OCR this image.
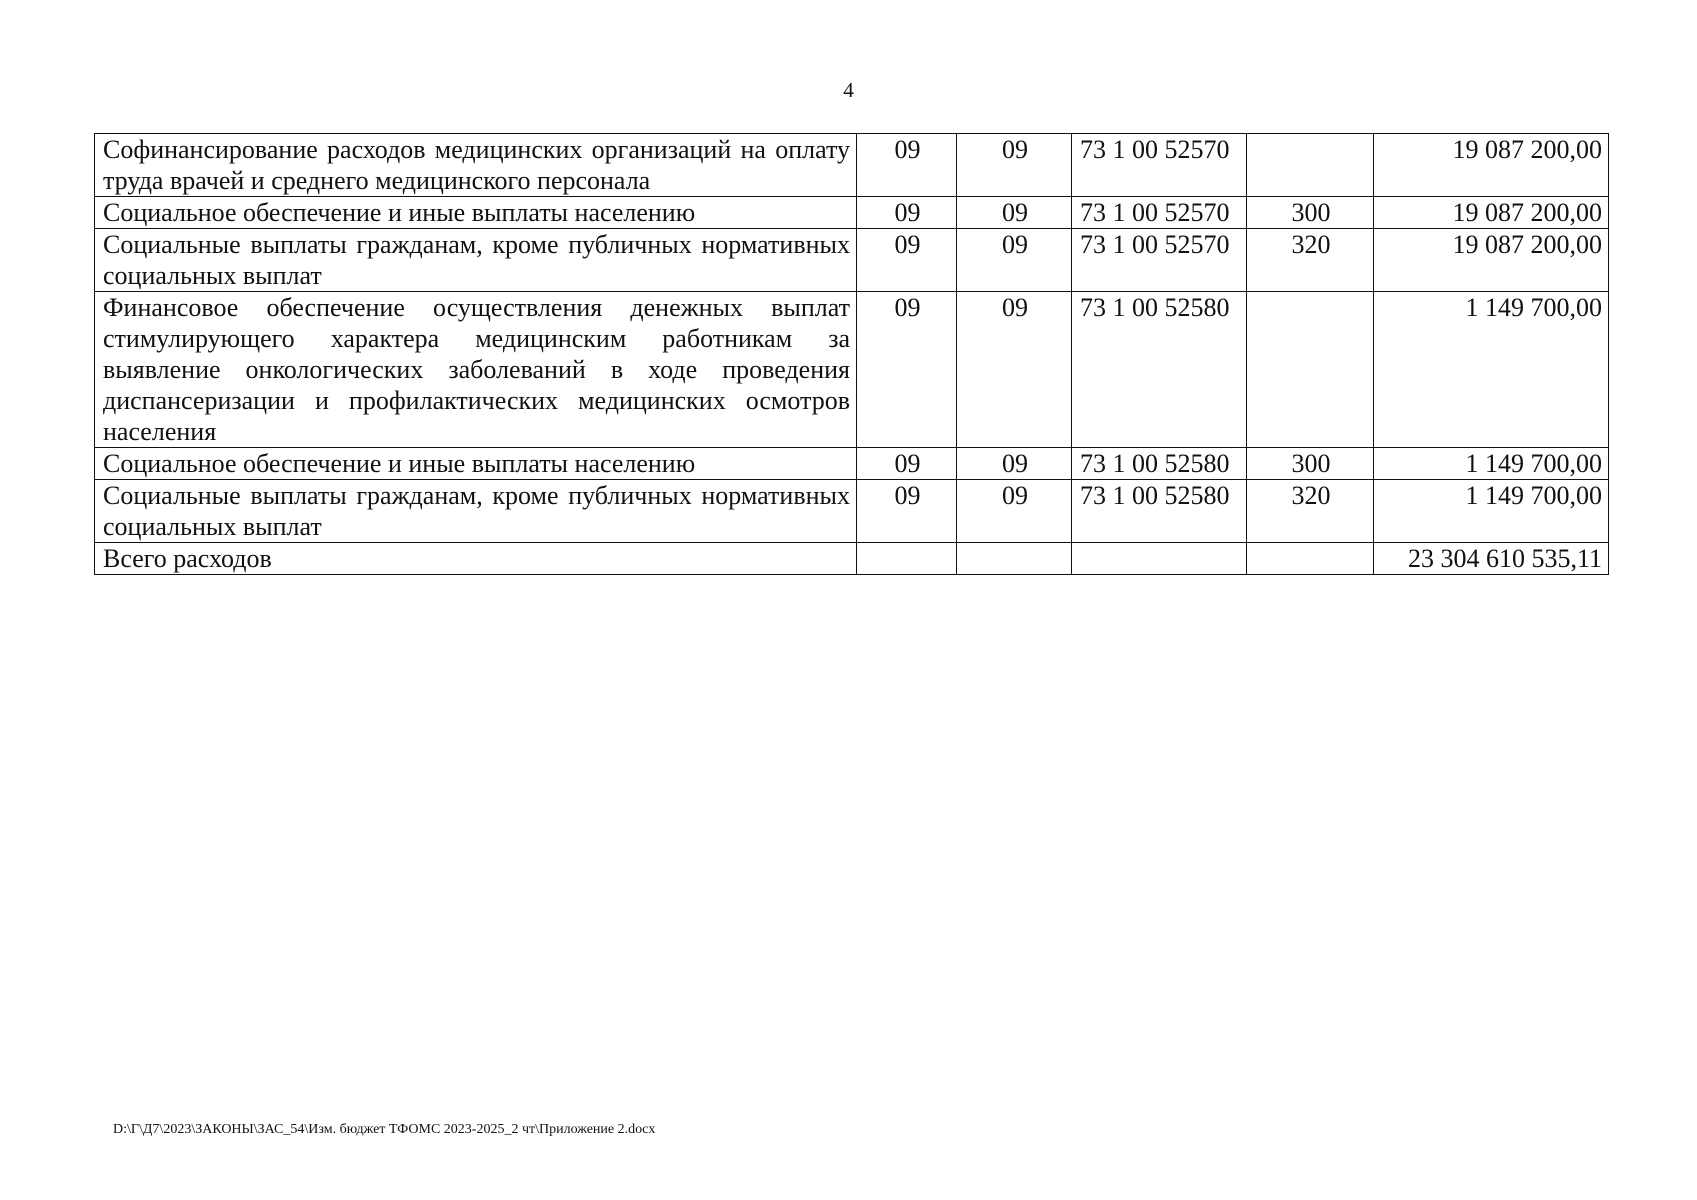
4
Софинансирование расходов медицинских организаций на оплату труда врачей и среднего медицинского персонала	09	09	73 1 00 52570		19 087 200,00
Социальное обеспечение и иные выплаты населению	09	09	73 1 00 52570	300	19 087 200,00
Социальные выплаты гражданам, кроме публичных нормативных социальных выплат	09	09	73 1 00 52570	320	19 087 200,00
Финансовое обеспечение осуществления денежных выплат стимулирующего характера медицинским работникам за выявление онкологических заболеваний в ходе проведения диспансеризации и профилактических медицинских осмотров населения	09	09	73 1 00 52580		1 149 700,00
Социальное обеспечение и иные выплаты населению	09	09	73 1 00 52580	300	1 149 700,00
Социальные выплаты гражданам, кроме публичных нормативных социальных выплат	09	09	73 1 00 52580	320	1 149 700,00
Всего расходов					23 304 610 535,11
D:\Г\Д7\2023\ЗАКОНЫ\ЗАС_54\Изм. бюджет ТФОМС 2023-2025_2 чт\Приложение 2.docx
